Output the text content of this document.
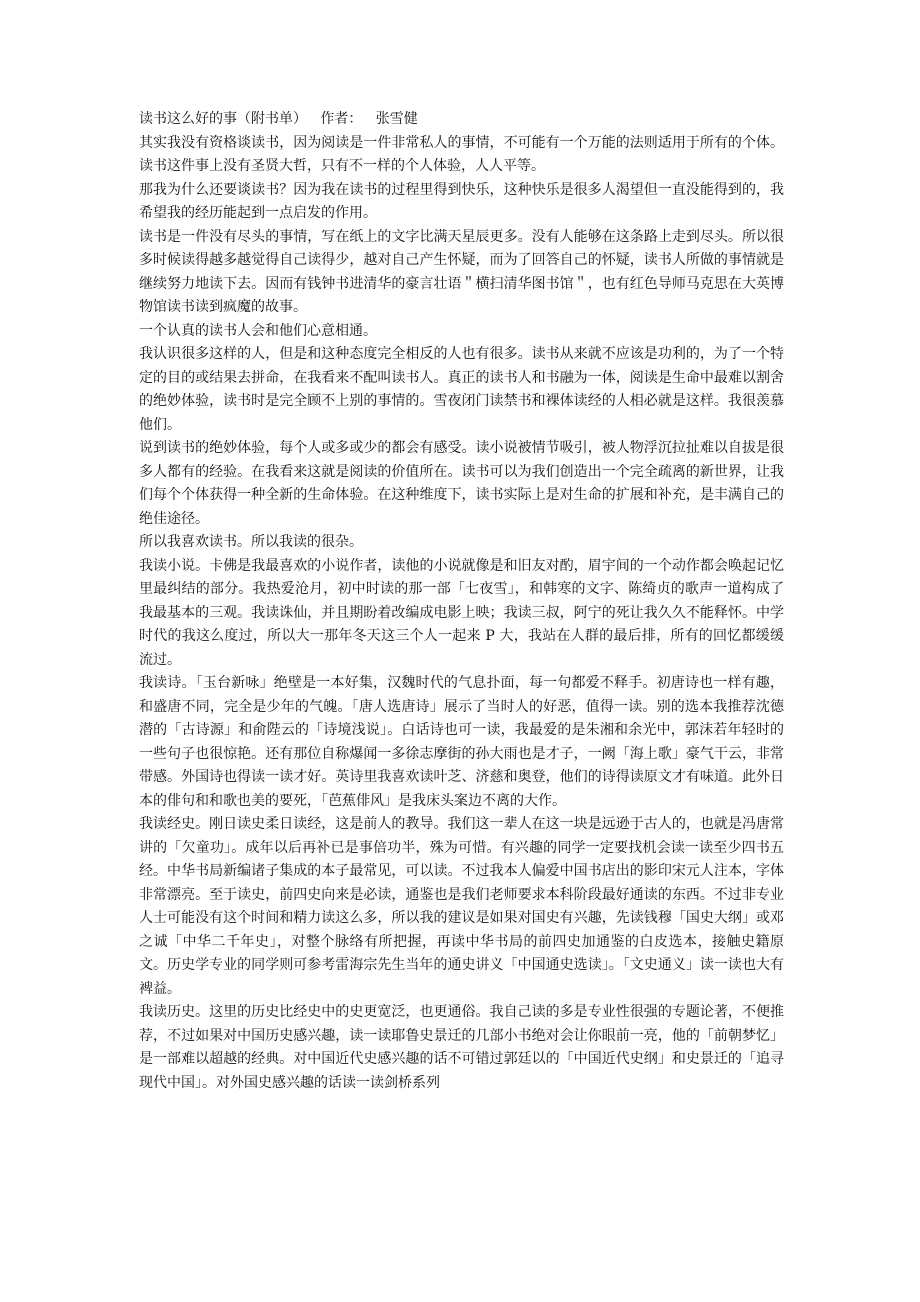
读书这么好的事（附书单）   作者：   张雪健

其实我没有资格谈读书，因为阅读是一件非常私人的事情，不可能有一个万能的法则适用于所有的个体。读书这件事上没有圣贤大哲，只有不一样的个人体验，人人平等。

那我为什么还要谈读书？因为我在读书的过程里得到快乐，这种快乐是很多人渴望但一直没能得到的，我希望我的经历能起到一点启发的作用。

读书是一件没有尽头的事情，写在纸上的文字比满天星辰更多。没有人能够在这条路上走到尽头。所以很多时候读得越多越觉得自己读得少，越对自己产生怀疑，而为了回答自己的怀疑，读书人所做的事情就是继续努力地读下去。因而有钱钟书进清华的豪言壮语＂横扫清华图书馆＂，也有红色导师马克思在大英博物馆读书读到疯魔的故事。

一个认真的读书人会和他们心意相通。

我认识很多这样的人，但是和这种态度完全相反的人也有很多。读书从来就不应该是功利的，为了一个特定的目的或结果去拼命，在我看来不配叫读书人。真正的读书人和书融为一体，阅读是生命中最难以割舍的绝妙体验，读书时是完全顾不上别的事情的。雪夜闭门读禁书和裸体读经的人相必就是这样。我很羡慕他们。

说到读书的绝妙体验，每个人或多或少的都会有感受。读小说被情节吸引，被人物浮沉拉扯难以自拔是很多人都有的经验。在我看来这就是阅读的价值所在。读书可以为我们创造出一个完全疏离的新世界，让我们每个个体获得一种全新的生命体验。在这种维度下，读书实际上是对生命的扩展和补充，是丰满自己的绝佳途径。

所以我喜欢读书。所以我读的很杂。

我读小说。卡佛是我最喜欢的小说作者，读他的小说就像是和旧友对酌，眉宇间的一个动作都会唤起记忆里最纠结的部分。我热爱沧月，初中时读的那一部「七夜雪」，和韩寒的文字、陈绮贞的歌声一道构成了我最基本的三观。我读诛仙，并且期盼着改编成电影上映；我读三叔，阿宁的死让我久久不能释怀。中学时代的我这么度过，所以大一那年冬天这三个人一起来 P 大，我站在人群的最后排，所有的回忆都缓缓流过。

我读诗。「玉台新咏」绝壁是一本好集，汉魏时代的气息扑面，每一句都爱不释手。初唐诗也一样有趣，和盛唐不同，完全是少年的气魄。「唐人选唐诗」展示了当时人的好恶，值得一读。别的选本我推荐沈德潜的「古诗源」和俞陛云的「诗境浅说」。白话诗也可一读，我最爱的是朱湘和余光中，郭沫若年轻时的一些句子也很惊艳。还有那位自称爆闻一多徐志摩街的孙大雨也是才子，一阙「海上歌」豪气干云，非常带感。外国诗也得读一读才好。英诗里我喜欢读叶芝、济慈和奥登，他们的诗得读原文才有味道。此外日本的俳句和和歌也美的要死，「芭蕉俳风」是我床头案边不离的大作。

我读经史。刚日读史柔日读经，这是前人的教导。我们这一辈人在这一块是远逊于古人的，也就是冯唐常讲的「欠童功」。成年以后再补已是事倍功半，殊为可惜。有兴趣的同学一定要找机会读一读至少四书五经。中华书局新编诸子集成的本子最常见，可以读。不过我本人偏爱中国书店出的影印宋元人注本，字体非常漂亮。至于读史，前四史向来是必读，通鉴也是我们老师要求本科阶段最好通读的东西。不过非专业人士可能没有这个时间和精力读这么多，所以我的建议是如果对国史有兴趣，先读钱穆「国史大纲」或邓之诚「中华二千年史」，对整个脉络有所把握，再读中华书局的前四史加通鉴的白皮选本，接触史籍原文。历史学专业的同学则可参考雷海宗先生当年的通史讲义「中国通史选读」。「文史通义」读一读也大有裨益。

我读历史。这里的历史比经史中的史更宽泛，也更通俗。我自己读的多是专业性很强的专题论著，不便推荐，不过如果对中国历史感兴趣，读一读耶鲁史景迁的几部小书绝对会让你眼前一亮，他的「前朝梦忆」是一部难以超越的经典。对中国近代史感兴趣的话不可错过郭廷以的「中国近代史纲」和史景迁的「追寻现代中国」。对外国史感兴趣的话读一读剑桥系列
